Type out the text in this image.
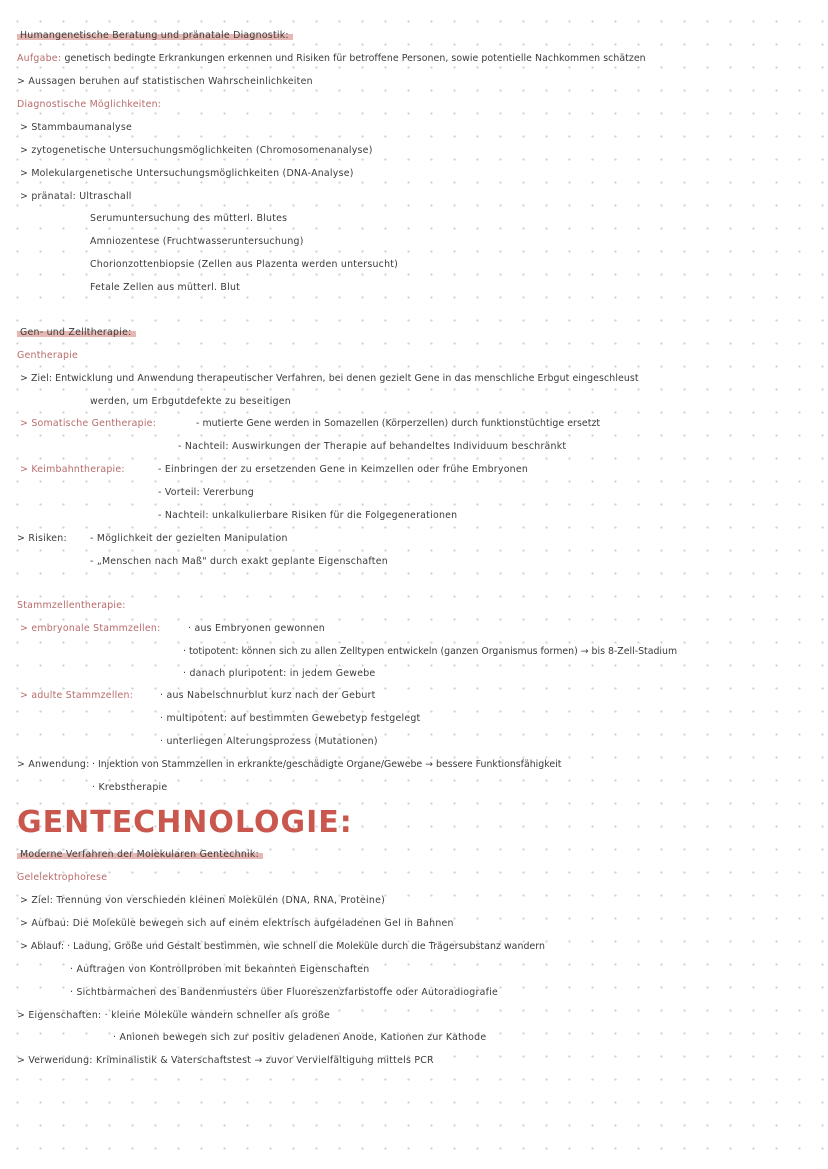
Humangenetische Beratung und pränatale Diagnostik:
Aufgabe: genetisch bedingte Erkrankungen erkennen und Risiken für betroffene Personen, sowie potentielle Nachkommen schätzen
> Aussagen beruhen auf statistischen Wahrscheinlichkeiten
Diagnostische Möglichkeiten:
> Stammbaumanalyse
> zytogenetische Untersuchungsmöglichkeiten (Chromosomenanalyse)
> Molekulargenetische Untersuchungsmöglichkeiten (DNA-Analyse)
> pränatal: Ultraschall
Serumuntersuchung des mütterl. Blutes
Amniozentese (Fruchtwasseruntersuchung)
Chorionzottenbiopsie (Zellen aus Plazenta werden untersucht)
Fetale Zellen aus mütterl. Blut
Gen- und Zelltherapie:
Gentherapie
> Ziel: Entwicklung und Anwendung therapeutischer Verfahren, bei denen gezielt Gene in das menschliche Erbgut eingeschleust
werden, um Erbgutdefekte zu beseitigen
> Somatische Gentherapie:	- mutierte Gene werden in Somazellen (Körperzellen) durch funktionstüchtige ersetzt
- Nachteil: Auswirkungen der Therapie auf behandeltes Individuum beschränkt
> Keimbahntherapie:	- Einbringen der zu ersetzenden Gene in Keimzellen oder frühe Embryonen
- Vorteil: Vererbung
- Nachteil: unkalkulierbare Risiken für die Folgegenerationen
> Risiken: - Möglichkeit der gezielten Manipulation
- „Menschen nach Maß" durch exakt geplante Eigenschaften
Stammzellentherapie:
> embryonale Stammzellen:	· aus Embryonen gewonnen
· totipotent: können sich zu allen Zelltypen entwickeln (ganzen Organismus formen) → bis 8-Zell-Stadium
· danach pluripotent: in jedem Gewebe
> adulte Stammzellen:	· aus Nabelschnurblut kurz nach der Geburt
· multipotent: auf bestimmten Gewebetyp festgelegt
· unterliegen Alterungsprozess (Mutationen)
> Anwendung: · Injektion von Stammzellen in erkrankte/geschädigte Organe/Gewebe → bessere Funktionsfähigkeit
· Krebstherapie
GENTECHNOLOGIE:
Moderne Verfahren der Molekularen Gentechnik:
Gelelektrophorese
> Ziel: Trennung von verschieden kleinen Molekülen (DNA, RNA, Proteine)
> Aufbau: Die Moleküle bewegen sich auf einem elektrisch aufgeladenen Gel in Bahnen
> Ablauf: · Ladung, Größe und Gestalt bestimmen, wie schnell die Moleküle durch die Trägersubstanz wandern
· Auftragen von Kontrollproben mit bekannten Eigenschaften
· Sichtbarmachen des Bandenmusters über Fluoreszenzfarbstoffe oder Autoradiografie
> Eigenschaften: · kleine Moleküle wandern schneller als große
· Anionen bewegen sich zur positiv geladenen Anode, Kationen zur Kathode
> Verwendung: Kriminalistik & Vaterschaftstest → zuvor Vervielfältigung mittels PCR
